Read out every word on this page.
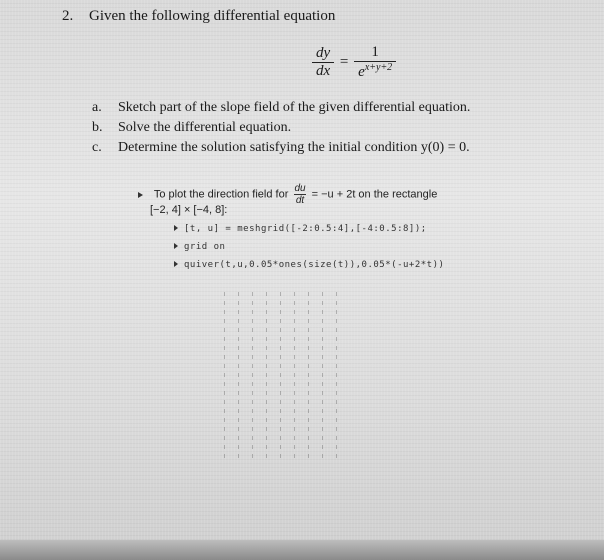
2. Given the following differential equation
$\frac{dy}{dx} = \frac{1}{e^{x+y+2}}$
a. Sketch part of the slope field of the given differential equation.
b. Solve the differential equation.
c. Determine the solution satisfying the initial condition y(0) = 0.
To plot the direction field for $\frac{du}{dt} = -u + 2t$ on the rectangle
[−2, 4] × [−4, 8]:
[t, u] = meshgrid([-2:0.5:4],[-4:0.5:8]);
grid on
quiver(t,u,0.05*ones(size(t)),0.05*(-u+2*t))
